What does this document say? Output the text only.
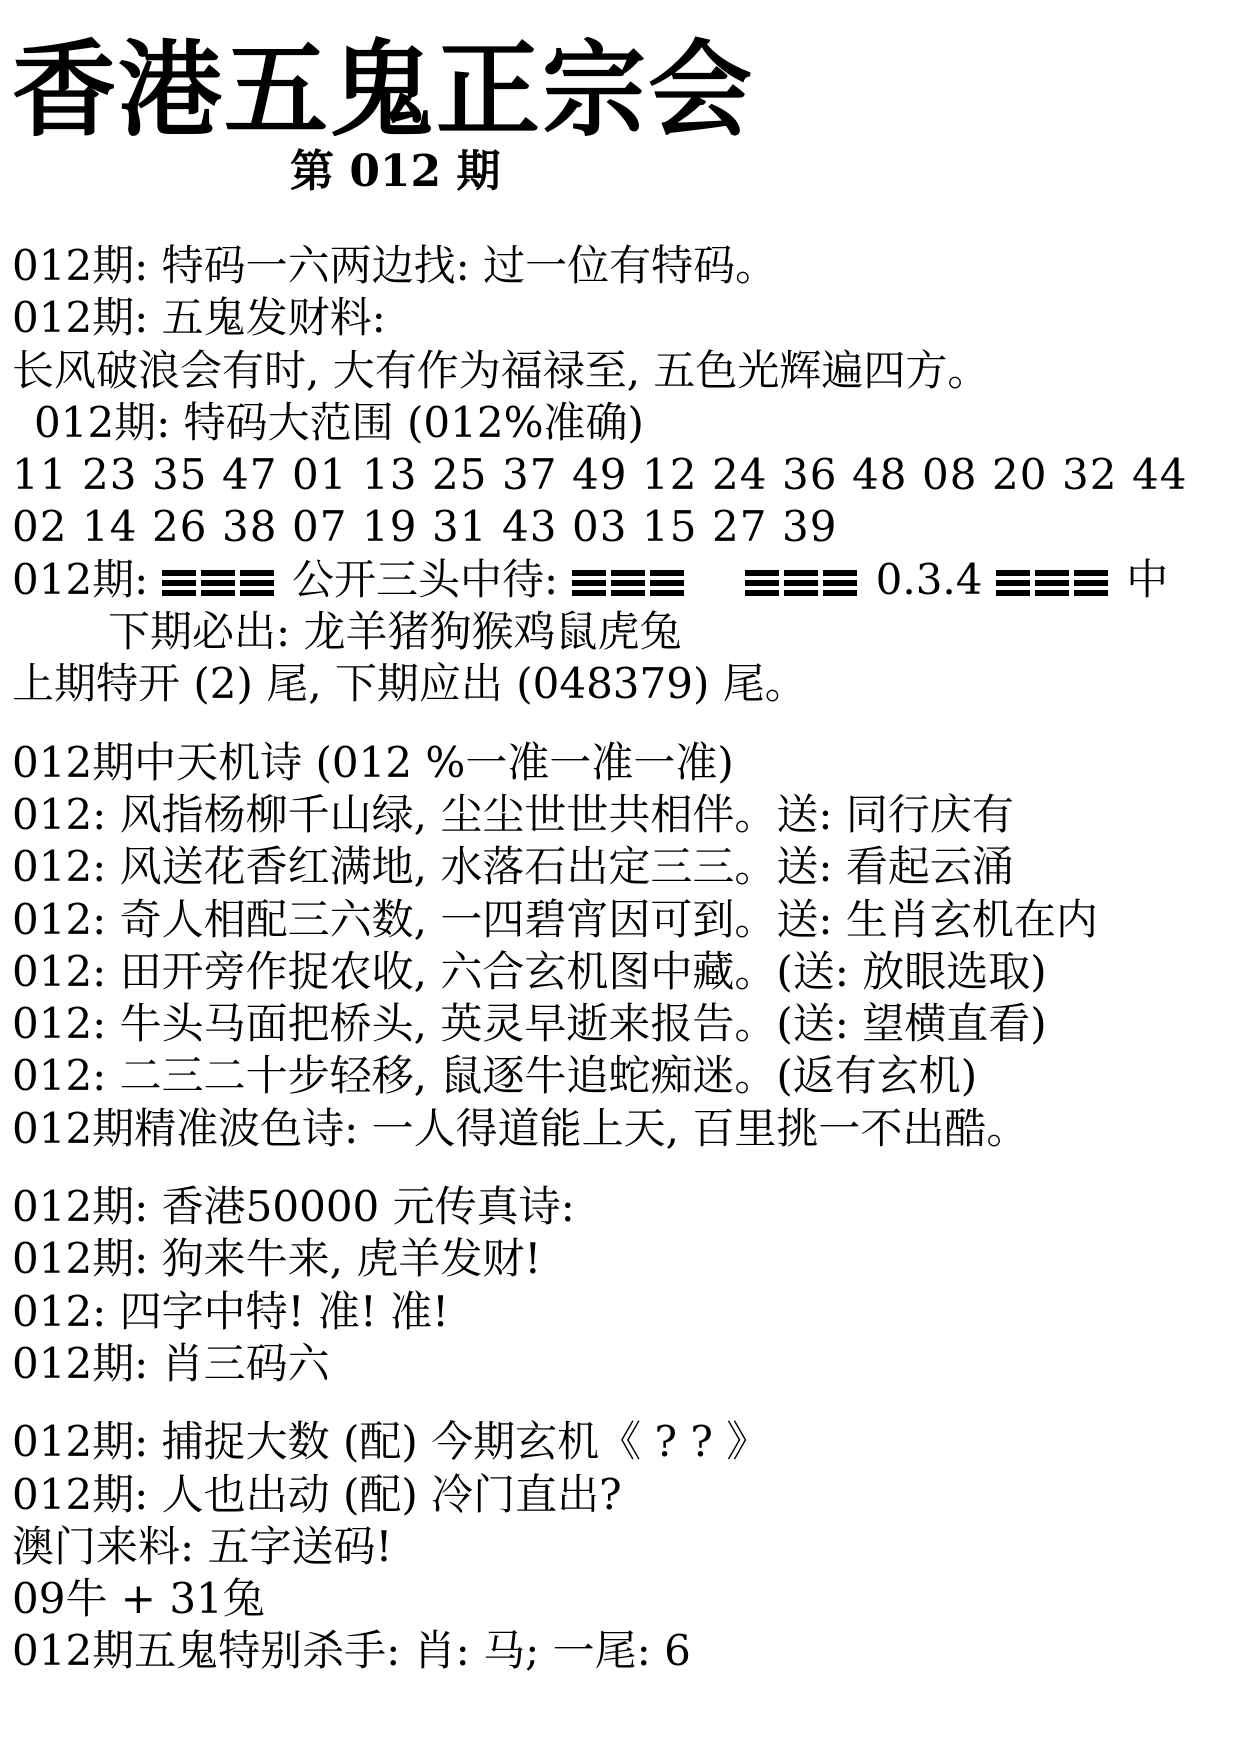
香港五鬼正宗会
第 012 期
012期: 特码一六两边找: 过一位有特码。
012期: 五鬼发财料:
长风破浪会有时, 大有作为福禄至, 五色光辉遍四方。
012期: 特码大范围 (012%准确)
11 23 35 47 01 13 25 37 49 12 24 36 48 08 20 32 44
02 14 26 38 07 19 31 43 03 15 27 39
012期:	公开三头中待:	0.3.4	中
下期必出: 龙羊猪狗猴鸡鼠虎兔
上期特开 (2) 尾, 下期应出 (048379) 尾。
012期中天机诗 (012 %一准一准一准)
012: 风指杨柳千山绿, 尘尘世世共相伴。送: 同行庆有
012: 风送花香红满地, 水落石出定三三。送: 看起云涌
012: 奇人相配三六数, 一四碧宵因可到。送: 生肖玄机在内
012: 田开旁作捉农收, 六合玄机图中藏。(送: 放眼选取)
012: 牛头马面把桥头, 英灵早逝来报告。(送: 望横直看)
012: 二三二十步轻移, 鼠逐牛追蛇痴迷。(返有玄机)
012期精准波色诗: 一人得道能上天, 百里挑一不出酷。
012期: 香港50000 元传真诗:
012期: 狗来牛来, 虎羊发财!
012: 四字中特! 准! 准!
012期: 肖三码六
012期: 捕捉大数 (配) 今期玄机《 ? ? 》
012期: 人也出动 (配) 冷门直出?
澳门来料: 五字送码!
09牛 + 31兔
012期五鬼特别杀手: 肖: 马; 一尾: 6
